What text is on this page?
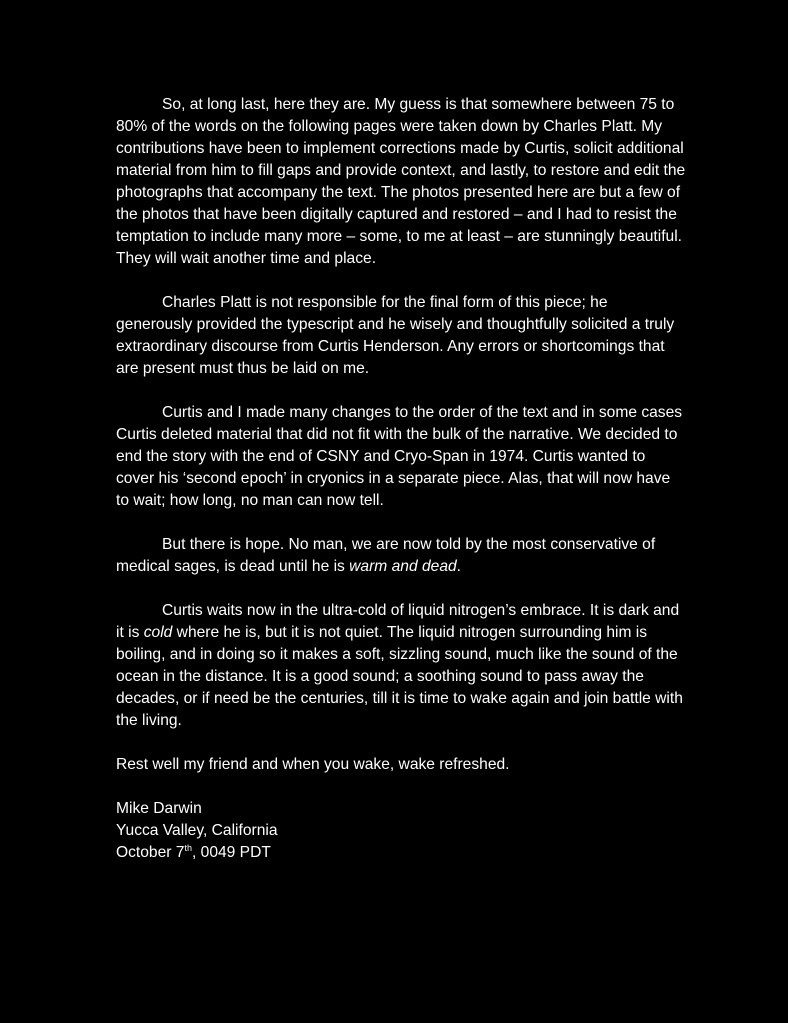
So, at long last, here they are. My guess is that somewhere between 75 to 80% of the words on the following pages were taken down by Charles Platt. My contributions have been to implement corrections made by Curtis, solicit additional material from him to fill gaps and provide context, and lastly, to restore and edit the photographs that accompany the text. The photos presented here are but a few of the photos that have been digitally captured and restored – and I had to resist the temptation to include many more – some, to me at least – are stunningly beautiful. They will wait another time and place.

Charles Platt is not responsible for the final form of this piece; he generously provided the typescript and he wisely and thoughtfully solicited a truly extraordinary discourse from Curtis Henderson. Any errors or shortcomings that are present must thus be laid on me.

Curtis and I made many changes to the order of the text and in some cases Curtis deleted material that did not fit with the bulk of the narrative. We decided to end the story with the end of CSNY and Cryo-Span in 1974. Curtis wanted to cover his ‘second epoch’ in cryonics in a separate piece. Alas, that will now have to wait; how long, no man can now tell.

But there is hope. No man, we are now told by the most conservative of medical sages, is dead until he is warm and dead.

Curtis waits now in the ultra-cold of liquid nitrogen’s embrace. It is dark and it is cold where he is, but it is not quiet. The liquid nitrogen surrounding him is boiling, and in doing so it makes a soft, sizzling sound, much like the sound of the ocean in the distance. It is a good sound; a soothing sound to pass away the decades, or if need be the centuries, till it is time to wake again and join battle with the living.

Rest well my friend and when you wake, wake refreshed.

Mike Darwin

Yucca Valley, California

October 7th, 0049 PDT
